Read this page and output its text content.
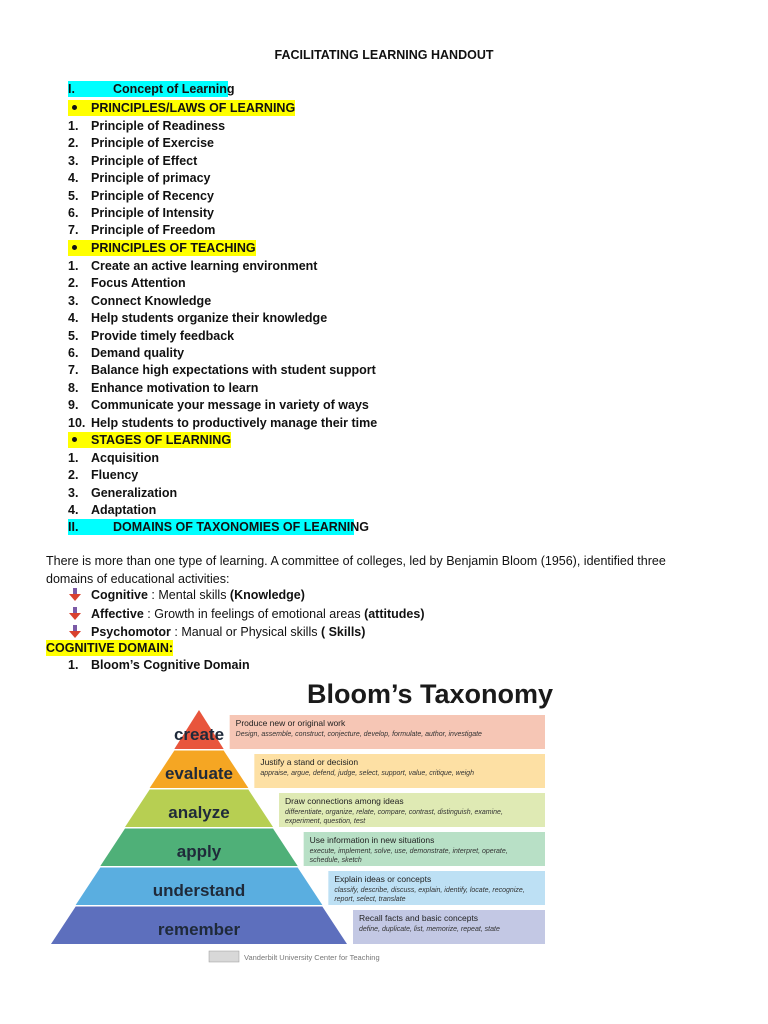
FACILITATING LEARNING HANDOUT
I.	Concept of Learning
PRINCIPLES/LAWS OF LEARNING
1. Principle of Readiness
2. Principle of Exercise
3. Principle of Effect
4. Principle of primacy
5. Principle of Recency
6. Principle of Intensity
7. Principle of Freedom
PRINCIPLES OF TEACHING
1. Create an active learning environment
2. Focus Attention
3. Connect Knowledge
4. Help students organize their knowledge
5. Provide timely feedback
6. Demand quality
7. Balance high expectations with student support
8. Enhance motivation to learn
9. Communicate your message in variety of ways
10. Help students to productively manage their time
STAGES OF LEARNING
1. Acquisition
2. Fluency
3. Generalization
4. Adaptation
II.	DOMAINS OF TAXONOMIES OF LEARNING
There is more than one type of learning. A committee of colleges, led by Benjamin Bloom (1956), identified three
domains of educational activities:
Cognitive : Mental skills (Knowledge)
Affective : Growth in feelings of emotional areas (attitudes)
Psychomotor : Manual or Physical skills ( Skills)
COGNITIVE DOMAIN:
1. Bloom’s Cognitive Domain
Bloom’s Taxonomy
create
Produce new or original work
Design, assemble, construct, conjecture, develop, formulate, author, investigate
evaluate
Justify a stand or decision
appraise, argue, defend, judge, select, support, value, critique, weigh
analyze
Draw connections among ideas
differentiate, organize, relate, compare, contrast, distinguish, examine,
experiment, question, test
apply
Use information in new situations
execute, implement, solve, use, demonstrate, interpret, operate,
schedule, sketch
understand
Explain ideas or concepts
classify, describe, discuss, explain, identify, locate, recognize,
report, select, translate
remember
Recall facts and basic concepts
define, duplicate, list, memorize, repeat, state
Vanderbilt University Center for Teaching
